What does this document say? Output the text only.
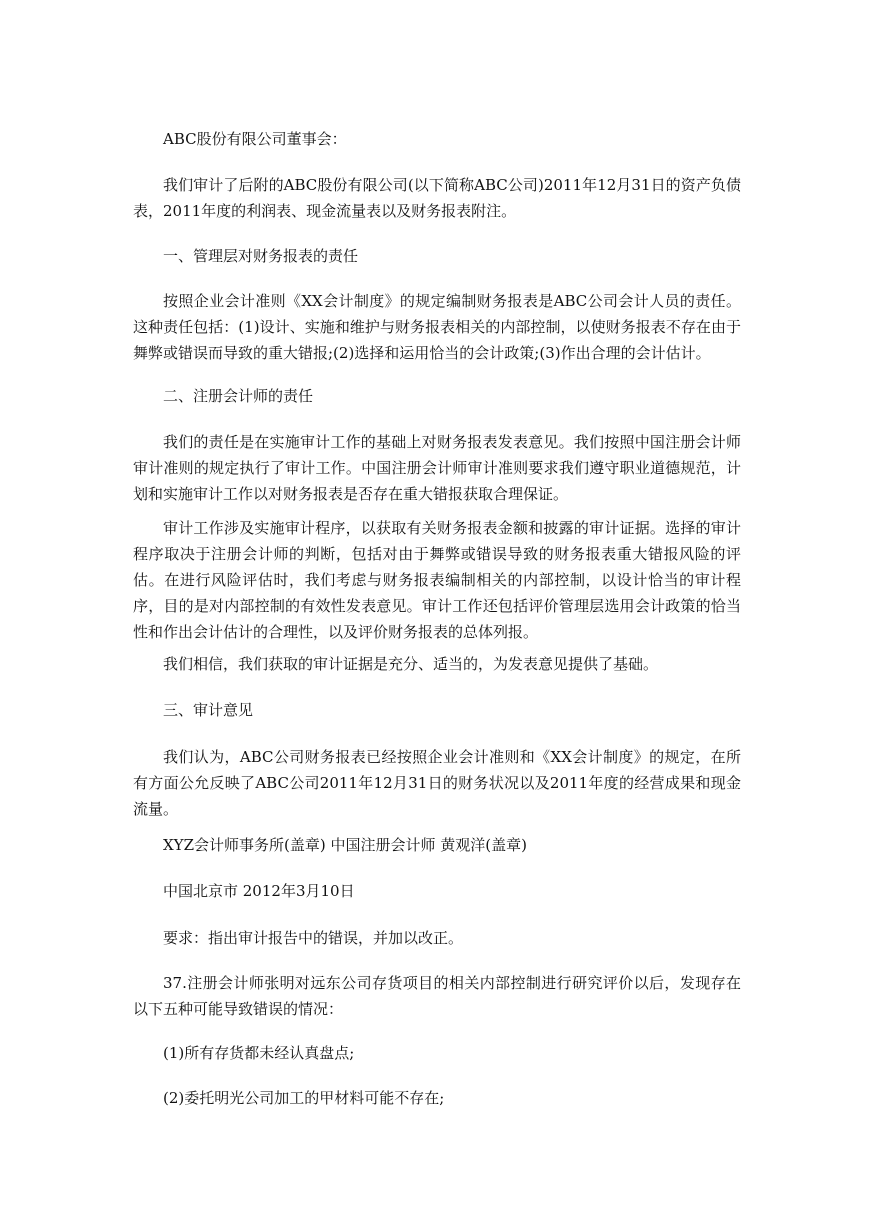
ABC股份有限公司董事会：

我们审计了后附的ABC股份有限公司(以下简称ABC公司)2011年12月31日的资产负债表，2011年度的利润表、现金流量表以及财务报表附注。

一、管理层对财务报表的责任

按照企业会计准则《XX会计制度》的规定编制财务报表是ABC公司会计人员的责任。这种责任包括：(1)设计、实施和维护与财务报表相关的内部控制，以使财务报表不存在由于舞弊或错误而导致的重大错报;(2)选择和运用恰当的会计政策;(3)作出合理的会计估计。

二、注册会计师的责任

我们的责任是在实施审计工作的基础上对财务报表发表意见。我们按照中国注册会计师审计准则的规定执行了审计工作。中国注册会计师审计准则要求我们遵守职业道德规范，计划和实施审计工作以对财务报表是否存在重大错报获取合理保证。

审计工作涉及实施审计程序，以获取有关财务报表金额和披露的审计证据。选择的审计程序取决于注册会计师的判断，包括对由于舞弊或错误导致的财务报表重大错报风险的评估。在进行风险评估时，我们考虑与财务报表编制相关的内部控制，以设计恰当的审计程序，目的是对内部控制的有效性发表意见。审计工作还包括评价管理层选用会计政策的恰当性和作出会计估计的合理性，以及评价财务报表的总体列报。

我们相信，我们获取的审计证据是充分、适当的，为发表意见提供了基础。

三、审计意见

我们认为，ABC公司财务报表已经按照企业会计准则和《XX会计制度》的规定，在所有方面公允反映了ABC公司2011年12月31日的财务状况以及2011年度的经营成果和现金流量。

XYZ会计师事务所(盖章) 中国注册会计师 黄观洋(盖章)

中国北京市 2012年3月10日

要求：指出审计报告中的错误，并加以改正。

37.注册会计师张明对远东公司存货项目的相关内部控制进行研究评价以后，发现存在以下五种可能导致错误的情况：

(1)所有存货都未经认真盘点;

(2)委托明光公司加工的甲材料可能不存在;
